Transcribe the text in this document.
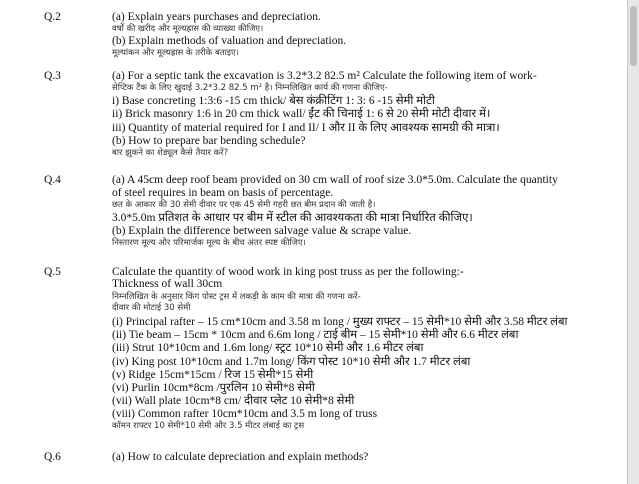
Q.2	(a) Explain years purchases and depreciation.
वर्षों की खरीद और मूल्यह्रास की व्याख्या कीजिए।
(b) Explain methods of valuation and depreciation.
मूल्यांकन और मूल्यह्रास के तरीके बताइए।
Q.3	(a) For a septic tank the excavation is 3.2*3.2 82.5 m² Calculate the following item of work-
सेप्टिक टैंक के लिए खुदाई 3.2*3.2 82.5 m² है। निम्नलिखित कार्य की गणना कीजिए-
i) Base concreting 1:3:6 -15 cm thick/ बेस कंक्रीटिंग 1: 3: 6 -15 सेमी मोटी
ii) Brick masonry 1:6 in 20 cm thick wall/ ईंट की चिनाई 1: 6 से 20 सेमी मोटी दीवार में।
iii) Quantity of material required for I and II/ I और II के लिए आवश्यक सामग्री की मात्रा।
(b) How to prepare bar bending schedule?
बार झुकने का शेड्यूल कैसे तैयार करें?
Q.4	(a) A 45cm deep roof beam provided on 30 cm wall of roof size 3.0*5.0m. Calculate the quantity
of steel requires in beam on basis of percentage.
छत के आकार की 30 सेमी दीवार पर एक 45 सेमी गहरी छत बीम प्रदान की जाती है।
3.0*5.0m प्रतिशत के आधार पर बीम में स्टील की आवश्यकता की मात्रा निर्धारित कीजिए।
(b) Explain the difference between salvage value & scrape value.
निस्तारण मूल्य और परिमार्जक मूल्य के बीच अंतर स्पष्ट कीजिए।
Q.5	Calculate the quantity of wood work in king post truss as per the following:-
Thickness of wall 30cm
निम्नलिखित के अनुसार किंग पोस्ट ट्रस में लकड़ी के काम की मात्रा की गणना करें-
दीवार की मोटाई 30 सेमी
(i) Principal rafter – 15 cm*10cm and 3.58 m long / मुख्य राफ्टर – 15 सेमी*10 सेमी और 3.58 मीटर लंबा
(ii) Tie beam – 15cm * 10cm and 6.6m long / टाई बीम – 15 सेमी*10 सेमी और 6.6 मीटर लंबा
(iii) Strut 10*10cm and 1.6m long/ स्ट्रट 10*10 सेमी और 1.6 मीटर लंबा
(iv) King post 10*10cm and 1.7m long/ किंग पोस्ट 10*10 सेमी और 1.7 मीटर लंबा
(v) Ridge 15cm*15cm / रिज 15 सेमी*15 सेमी
(vi) Purlin 10cm*8cm /पुरलिन 10 सेमी*8 सेमी
(vii) Wall plate 10cm*8 cm/ दीवार प्लेट 10 सेमी*8 सेमी
(viii) Common rafter 10cm*10cm and 3.5 m long of truss
कॉमन राफ्टर 10 सेमी*10 सेमी और 3.5 मीटर लंबाई का ट्रस
Q.6	(a) How to calculate depreciation and explain methods?
